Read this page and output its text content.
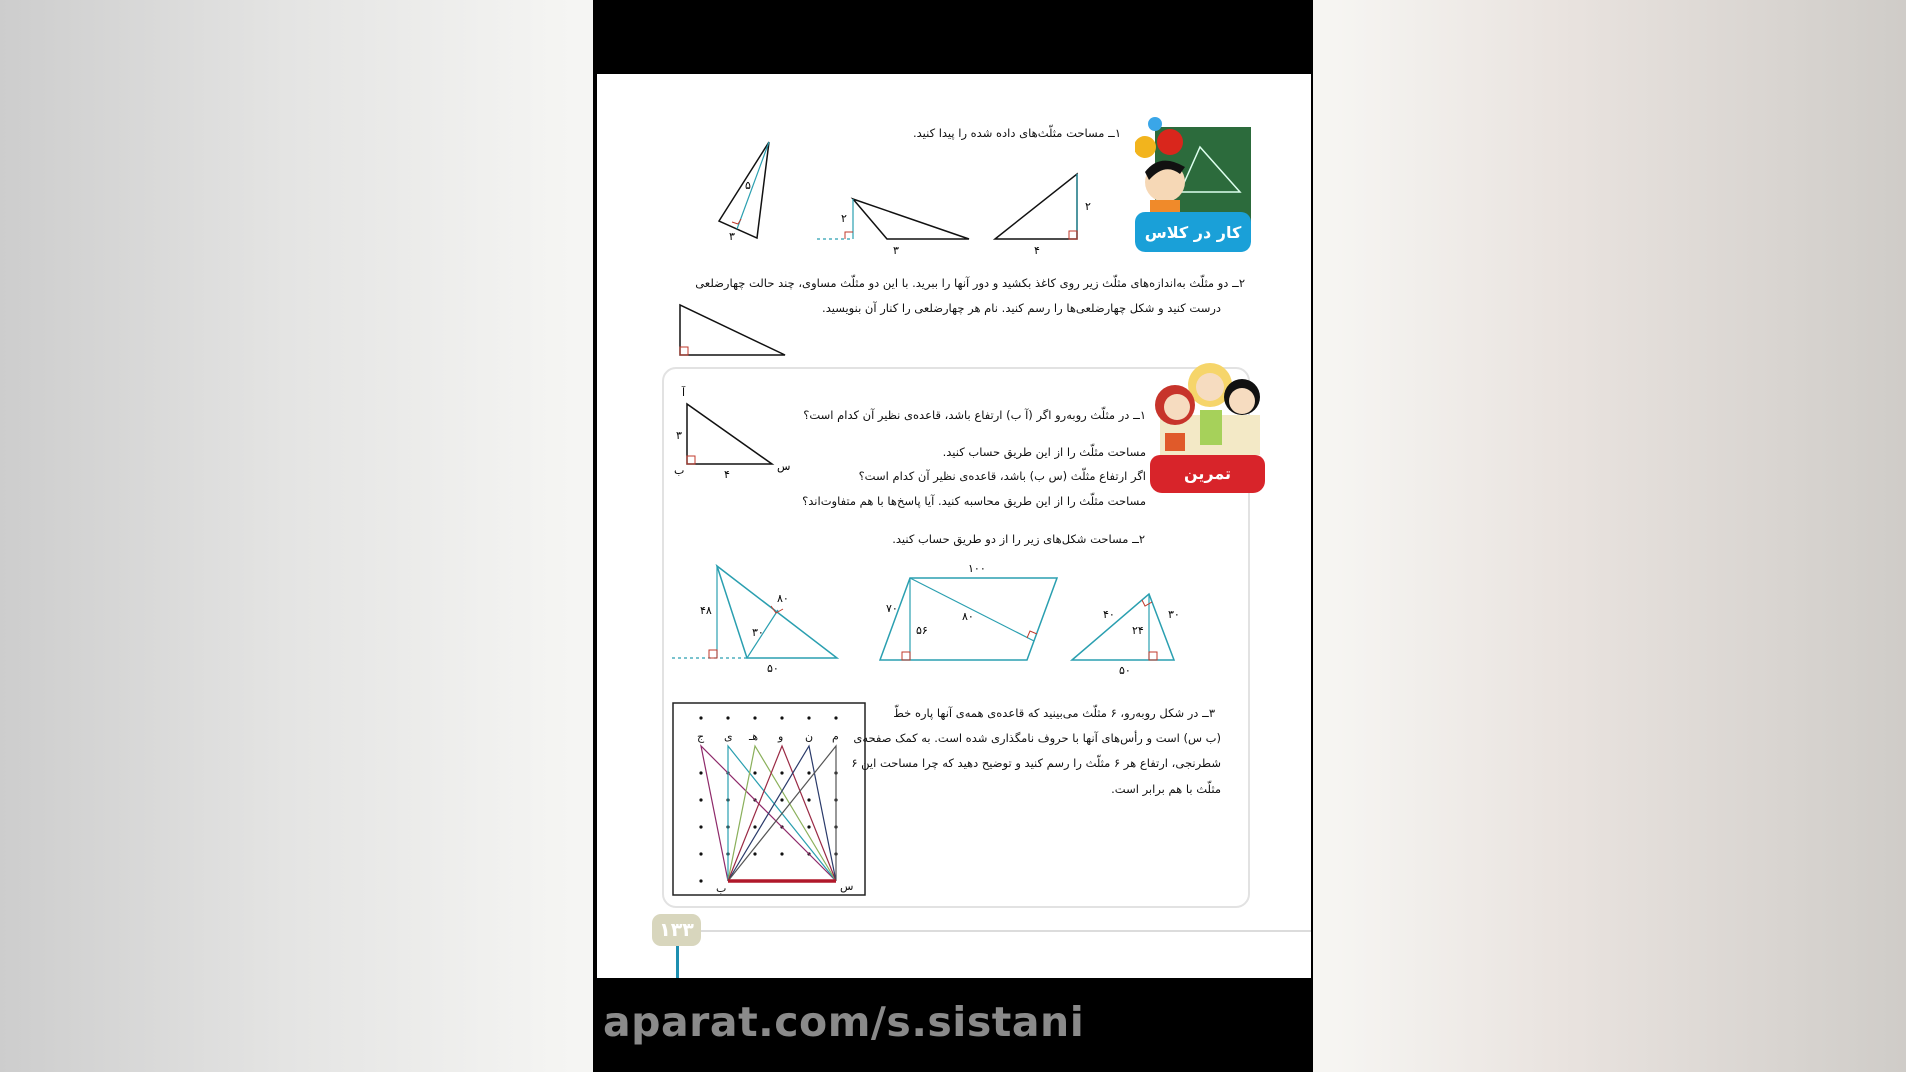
کار در کلاس
۱ــ مساحت مثلّث‌های داده شده را پیدا کنید.
۵
۳
۲
۳
۲
۴
۲ــ دو مثلّث به‌اندازه‌های مثلّث زیر روی کاغذ بکشید و دور آنها را ببرید. با این دو مثلّث مساوی، چند حالت چهارضلعی
درست کنید و شکل چهارضلعی‌ها را رسم کنید. نام هر چهارضلعی را کنار آن بنویسید.
تمرین
آ
۳
ب	۴
س
۱ــ در مثلّث روبه‌رو اگر (آ ب) ارتفاع باشد، قاعده‌ی نظیر آن کدام است؟
مساحت مثلّث را از این طریق حساب کنید.
اگر ارتفاع مثلّث (س ب) باشد، قاعده‌ی نظیر آن کدام است؟
مساحت مثلّث را از این طریق محاسبه کنید. آیا پاسخ‌ها با هم متفاوت‌اند؟
۲ــ مساحت شکل‌های زیر را از دو طریق حساب کنید.
۴۸
۸۰
۳۰
۵۰
۱۰۰
۷۰
۵۶
۸۰	۴۰	۳۰
۲۴
۵۰
ج ی هـ و ن م
ب	س
۳ــ در شکل روبه‌رو، ۶ مثلّث می‌بینید که قاعده‌ی همه‌ی آنها پاره خطّ
(ب س) است و رأس‌های آنها با حروف نامگذاری شده است. به کمک صفحه‌ی
شطرنجی، ارتفاع هر ۶ مثلّث را رسم کنید و توضیح دهید که چرا مساحت این ۶
مثلّث با هم برابر است.
۱۳۳
aparat.com/s.sistani
